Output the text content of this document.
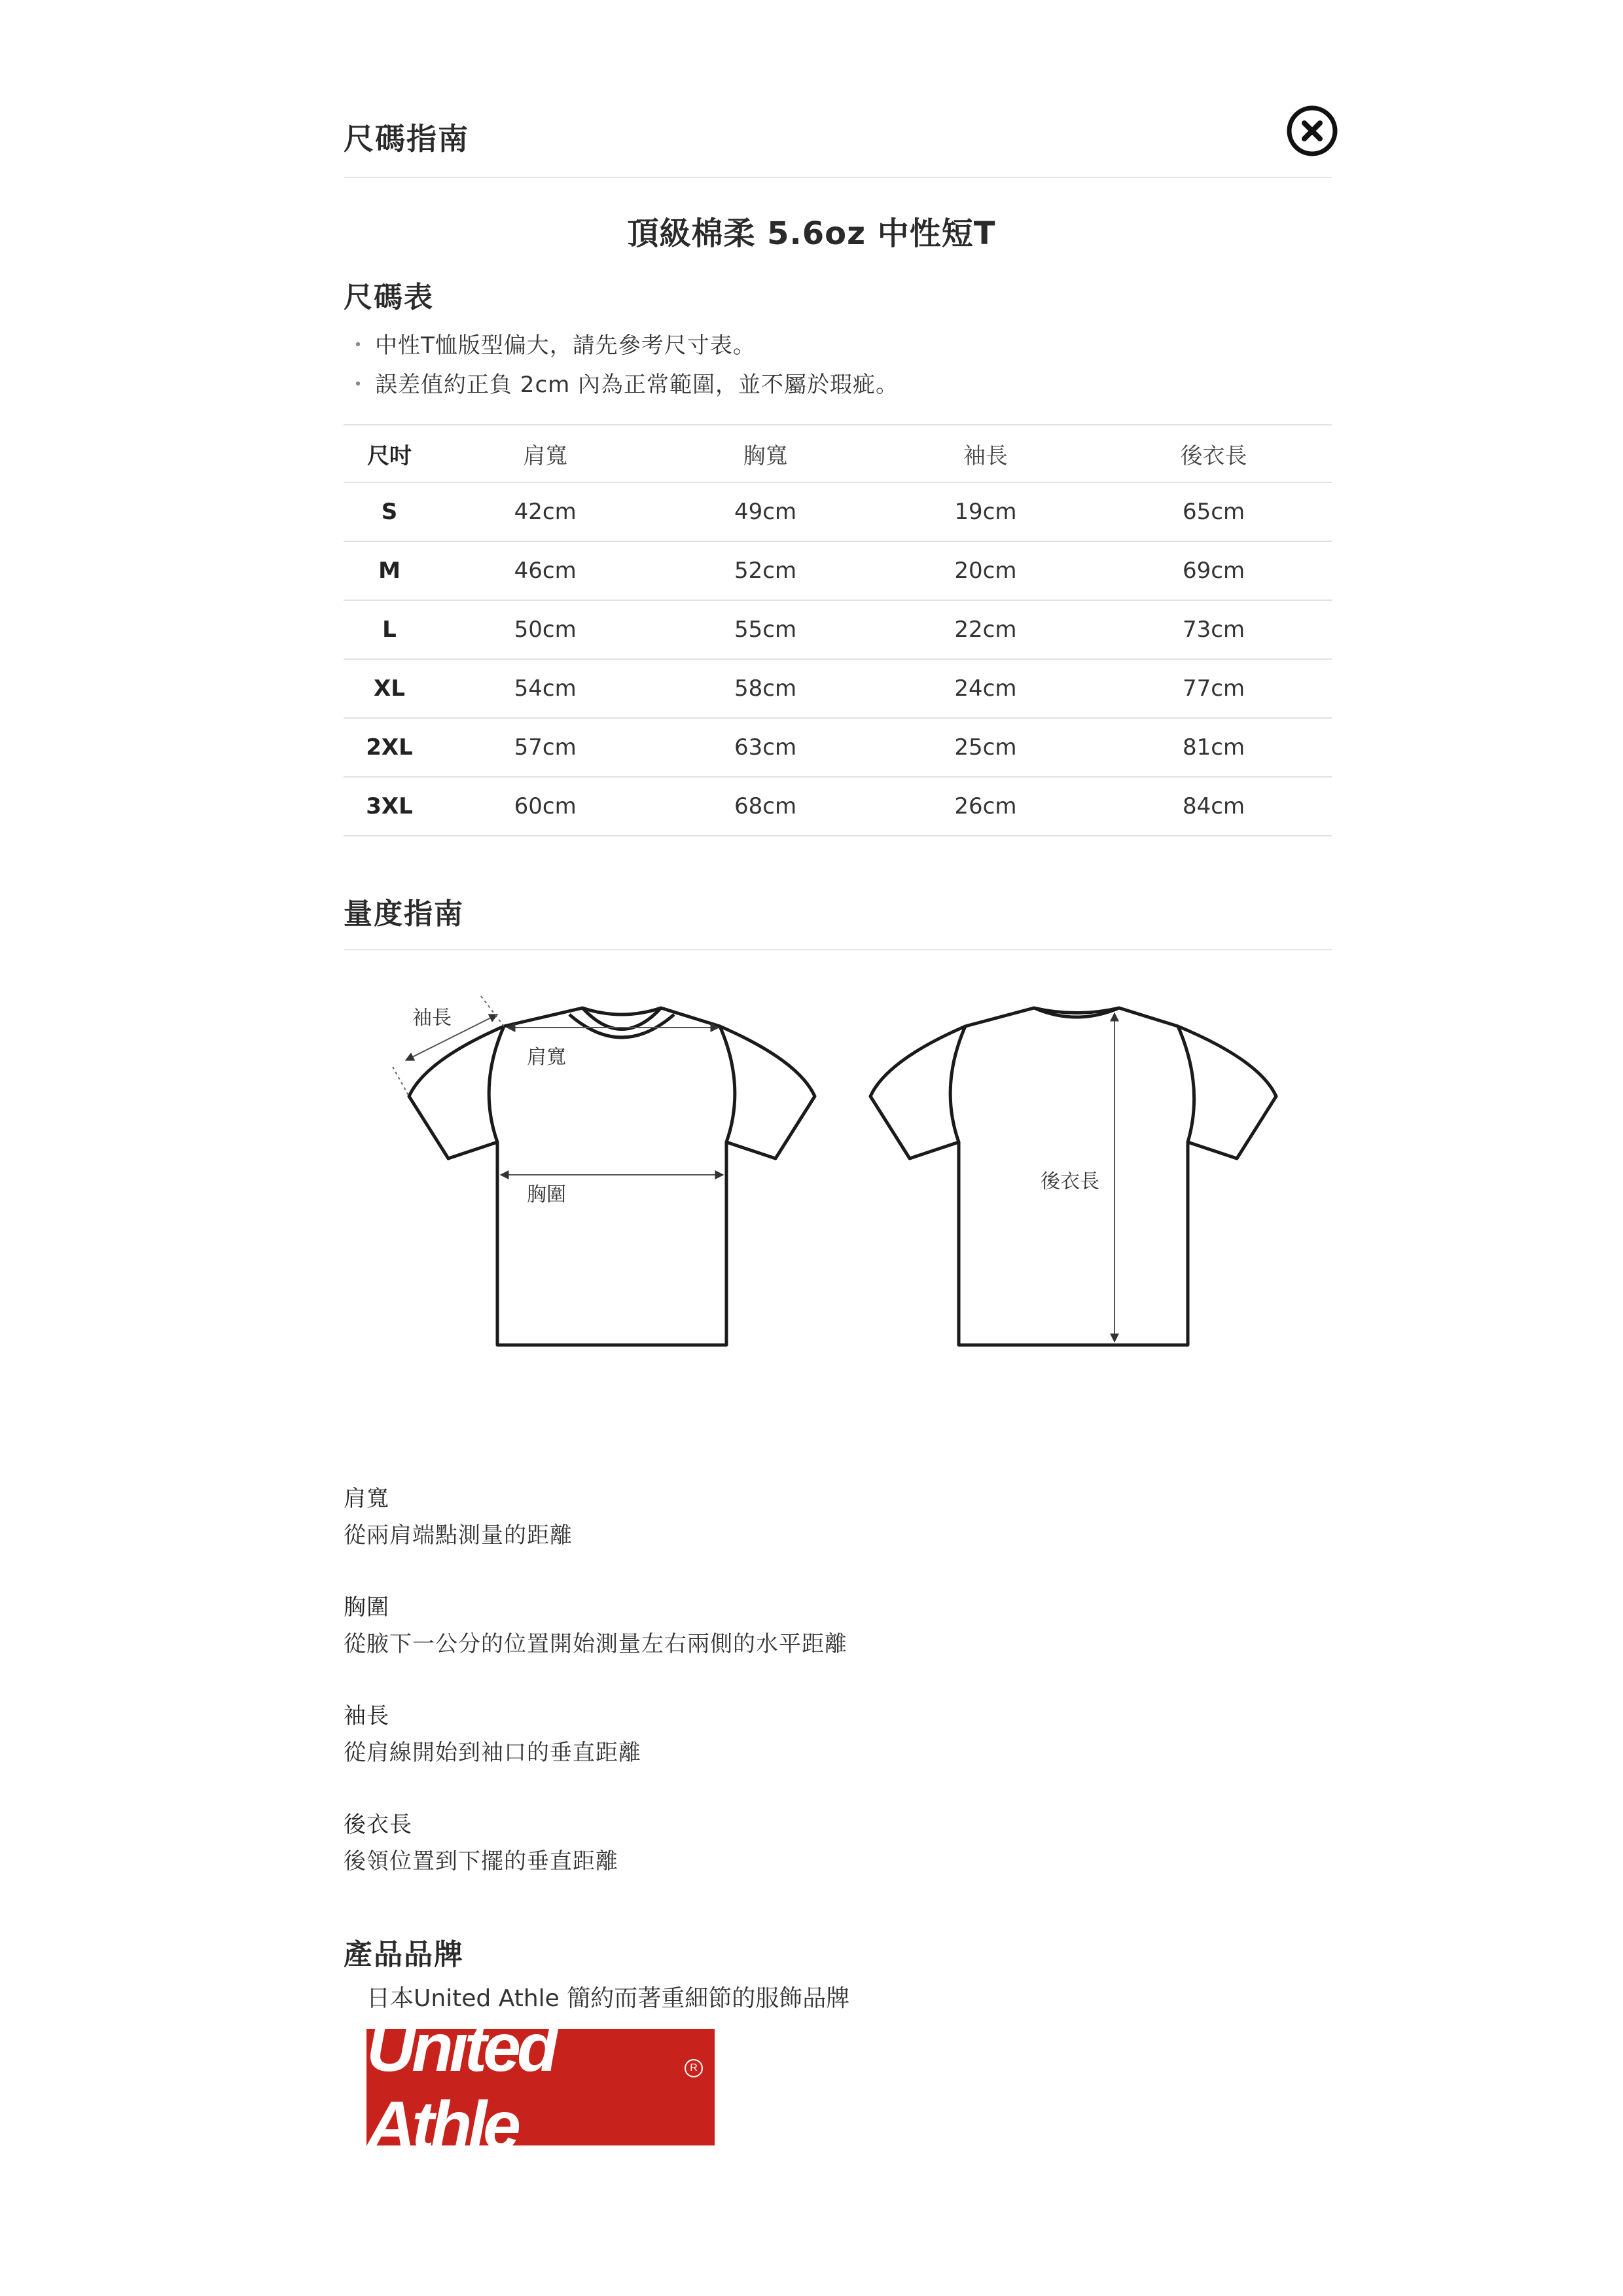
尺碼指南
頂級棉柔 5.6oz 中性短T
尺碼表
・ 中性T恤版型偏大，請先參考尺寸表。
・ 誤差值約正負 2cm 內為正常範圍，並不屬於瑕疵。
尺吋	肩寬	胸寬	袖長	後衣長
S	42cm	49cm	19cm	65cm
M	46cm	52cm	20cm	69cm
L	50cm	55cm	22cm	73cm
XL	54cm	58cm	24cm	77cm
2XL	57cm	63cm	25cm	81cm
3XL	60cm	68cm	26cm	84cm
量度指南
袖長
肩寬
胸圍
後衣長
肩寬
從兩肩端點測量的距離
胸圍
從腋下一公分的位置開始測量左右兩側的水平距離
袖長
從肩線開始到袖口的垂直距離
後衣長
後領位置到下擺的垂直距離
產品品牌
日本United Athle 簡約而著重細節的服飾品牌
United Athle
R
